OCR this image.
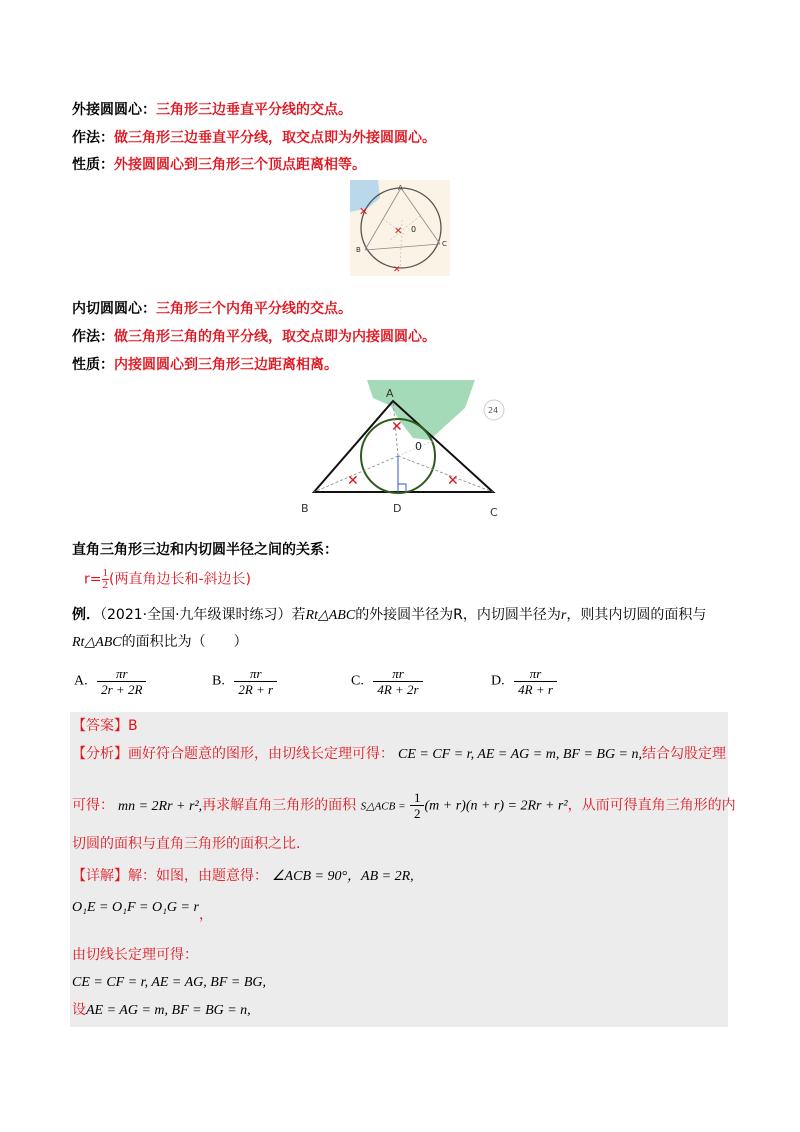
外接圆圆心：三角形三边垂直平分线的交点。
作法：做三角形三边垂直平分线，取交点即为外接圆圆心。
性质：外接圆圆心到三角形三个顶点距离相等。
✕
✕
✕
A
B
C
0
内切圆圆心：三角形三个内角平分线的交点。
作法：做三角形三角的角平分线，取交点即为内接圆圆心。
性质：内接圆圆心到三角形三边距离相离。
24
✕
✕	✕
A
0
B	D	C
直角三角形三边和内切圆半径之间的关系：
$r= \frac{1}{2}$ (两直角边长和-斜边长)
例．（2021·全国·九年级课时练习）若Rt△ABC的外接圆半径为R，内切圆半径为r，则其内切圆的面积与
Rt△ABC的面积比为（　　）
A. $\frac{\pi r}{2r + 2R}$	B. $\frac{\pi r}{2R + r}$	C. $\frac{\pi r}{4R + 2r}$	D. $\frac{\pi r}{4R + r}$
【答案】B
【分析】画好符合题意的图形，由切线长定理可得： CE = CF = r, AE = AG = m, BF = BG = n,结合勾股定理
可得： mn = 2Rr + r²,再求解直角三角形的面积 S△ACB = $\frac{1}{2} (m + r)(n + r) = 2Rr + r^2$，从而可得直角三角形的内
切圆的面积与直角三角形的面积之比.
【详解】解：如图，由题意得： ∠ACB = 90°，AB = 2R,
O₁E = O₁F = O₁G = r，
由切线长定理可得：
CE = CF = r, AE = AG, BF = BG,
设AE = AG = m, BF = BG = n,
